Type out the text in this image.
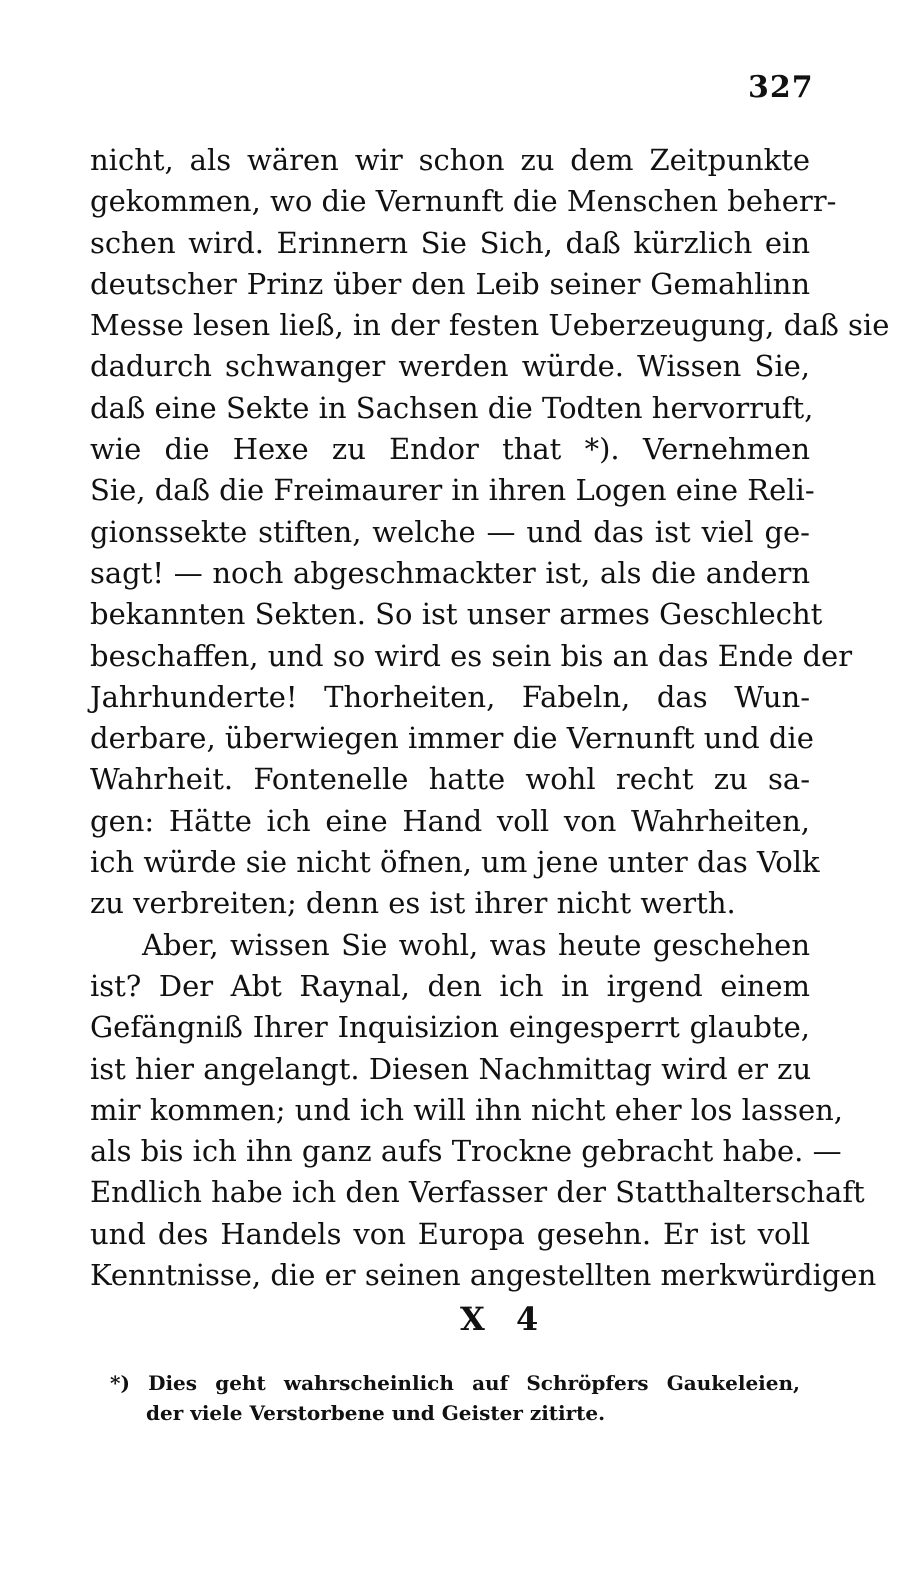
327
nicht, als wären wir schon zu dem Zeitpunkte
gekommen, wo die Vernunft die Menschen beherr-
schen wird. Erinnern Sie Sich, daß kürzlich ein
deutscher Prinz über den Leib seiner Gemahlinn
Messe lesen ließ, in der festen Ueberzeugung, daß sie
dadurch schwanger werden würde. Wissen Sie,
daß eine Sekte in Sachsen die Todten hervorruft,
wie die Hexe zu Endor that *). Vernehmen
Sie, daß die Freimaurer in ihren Logen eine Reli-
gionssekte stiften, welche — und das ist viel ge-
sagt! — noch abgeschmackter ist, als die andern
bekannten Sekten. So ist unser armes Geschlecht
beschaffen, und so wird es sein bis an das Ende der
Jahrhunderte! Thorheiten, Fabeln, das Wun-
derbare, überwiegen immer die Vernunft und die
Wahrheit. Fontenelle hatte wohl recht zu sa-
gen: Hätte ich eine Hand voll von Wahrheiten,
ich würde sie nicht öfnen, um jene unter das Volk
zu verbreiten; denn es ist ihrer nicht werth.
Aber, wissen Sie wohl, was heute geschehen
ist? Der Abt Raynal, den ich in irgend einem
Gefängniß Ihrer Inquisizion eingesperrt glaubte,
ist hier angelangt. Diesen Nachmittag wird er zu
mir kommen; und ich will ihn nicht eher los lassen,
als bis ich ihn ganz aufs Trockne gebracht habe. —
Endlich habe ich den Verfasser der Statthalterschaft
und des Handels von Europa gesehn. Er ist voll
Kenntnisse, die er seinen angestellten merkwürdigen
X 4
*) Dies geht wahrscheinlich auf Schröpfers Gaukeleien,
der viele Verstorbene und Geister zitirte.
